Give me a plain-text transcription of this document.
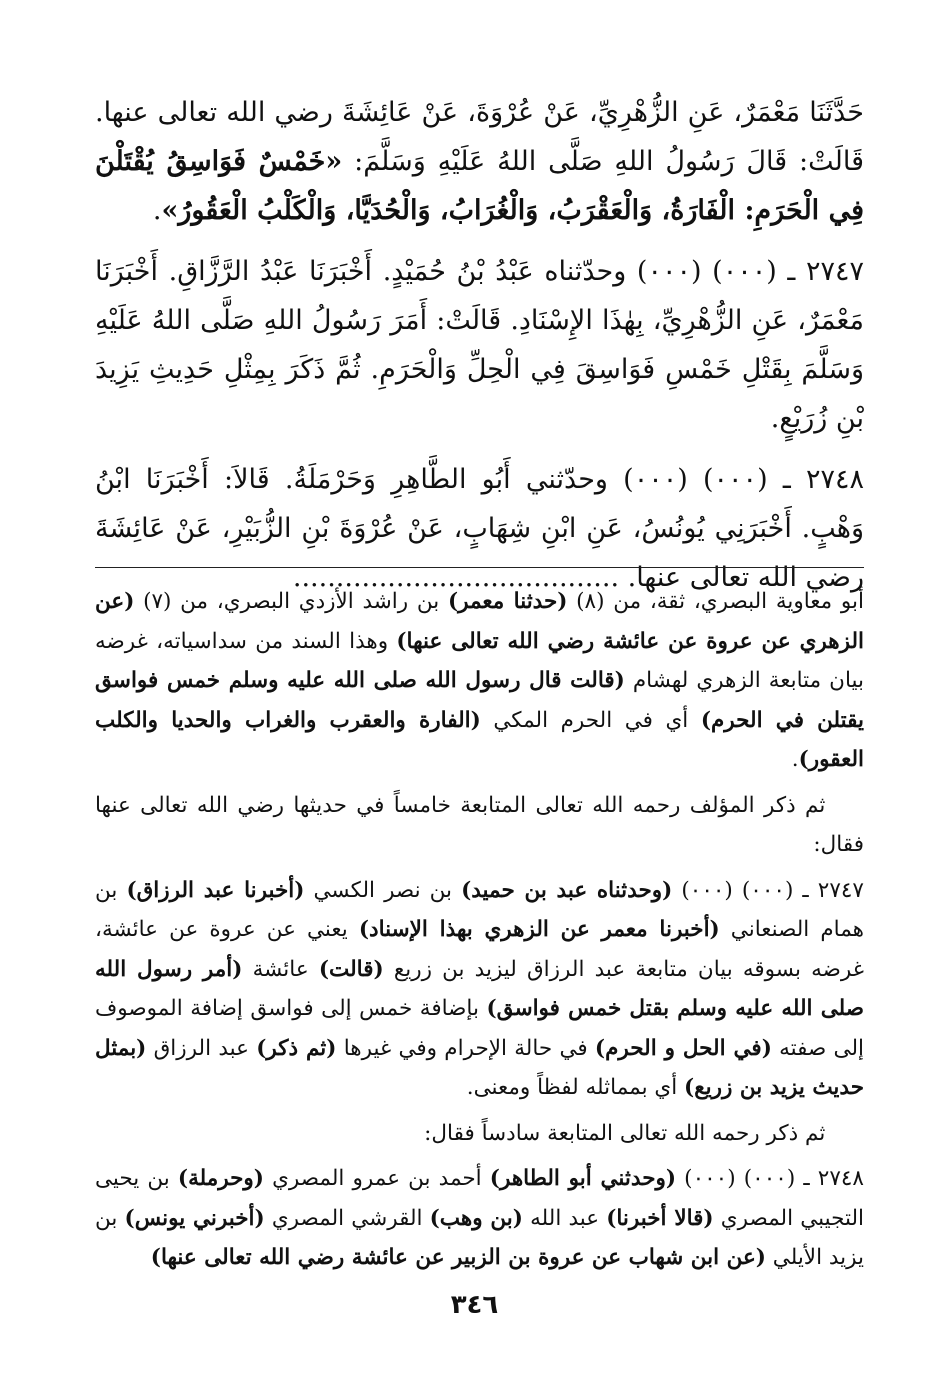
حَدَّثَنَا مَعْمَرٌ، عَنِ الزُّهْرِيِّ، عَنْ عُرْوَةَ، عَنْ عَائِشَةَ رضي الله تعالى عنها. قَالَتْ: قَالَ رَسُولُ اللهِ صَلَّى اللهُ عَلَيْهِ وَسَلَّمَ: «خَمْسٌ فَوَاسِقُ يُقْتَلْنَ فِي الْحَرَمِ: الْفَارَةُ، وَالْعَقْرَبُ، وَالْغُرَابُ، وَالْحُدَيَّا، وَالْكَلْبُ الْعَقُورُ».

٢٧٤٧ ـ (٠٠٠) (٠٠٠) وحدّثناه عَبْدُ بْنُ حُمَيْدٍ. أَخْبَرَنَا عَبْدُ الرَّزَّاقِ. أَخْبَرَنَا مَعْمَرٌ، عَنِ الزُّهْرِيِّ، بِهٰذَا الإِسْنَادِ. قَالَتْ: أَمَرَ رَسُولُ اللهِ صَلَّى اللهُ عَلَيْهِ وَسَلَّمَ بِقَتْلِ خَمْسِ فَوَاسِقَ فِي الْحِلِّ وَالْحَرَمِ. ثُمَّ ذَكَرَ بِمِثْلِ حَدِيثِ يَزِيدَ بْنِ زُرَيْعٍ.

٢٧٤٨ ـ (٠٠٠) (٠٠٠) وحدّثني أَبُو الطَّاهِرِ وَحَرْمَلَةُ. قَالاَ: أَخْبَرَنَا ابْنُ وَهْبٍ. أَخْبَرَنِي يُونُسُ، عَنِ ابْنِ شِهَابٍ، عَنْ عُرْوَةَ بْنِ الزُّبَيْرِ، عَنْ عَائِشَةَ رضي الله تعالى عنها. ......................................

أبو معاوية البصري، ثقة، من (٨) (حدثنا معمر) بن راشد الأزدي البصري، من (٧) (عن الزهري عن عروة عن عائشة رضي الله تعالى عنها) وهذا السند من سداسياته، غرضه بيان متابعة الزهري لهشام (قالت قال رسول الله صلى الله عليه وسلم خمس فواسق يقتلن في الحرم) أي في الحرم المكي (الفارة والعقرب والغراب والحديا والكلب العقور).

ثم ذكر المؤلف رحمه الله تعالى المتابعة خامساً في حديثها رضي الله تعالى عنها فقال:

٢٧٤٧ ـ (٠٠٠) (٠٠٠) (وحدثناه عبد بن حميد) بن نصر الكسي (أخبرنا عبد الرزاق) بن همام الصنعاني (أخبرنا معمر عن الزهري بهذا الإسناد) يعني عن عروة عن عائشة، غرضه بسوقه بيان متابعة عبد الرزاق ليزيد بن زريع (قالت) عائشة (أمر رسول الله صلى الله عليه وسلم بقتل خمس فواسق) بإضافة خمس إلى فواسق إضافة الموصوف إلى صفته (في الحل و الحرم) في حالة الإحرام وفي غيرها (ثم ذكر) عبد الرزاق (بمثل حديث يزيد بن زريع) أي بمماثله لفظاً ومعنى.

ثم ذكر رحمه الله تعالى المتابعة سادساً فقال:

٢٧٤٨ ـ (٠٠٠) (٠٠٠) (وحدثني أبو الطاهر) أحمد بن عمرو المصري (وحرملة) بن يحيى التجيبي المصري (قالا أخبرنا) عبد الله (بن وهب) القرشي المصري (أخبرني يونس) بن يزيد الأيلي (عن ابن شهاب عن عروة بن الزبير عن عائشة رضي الله تعالى عنها)

٣٤٦
